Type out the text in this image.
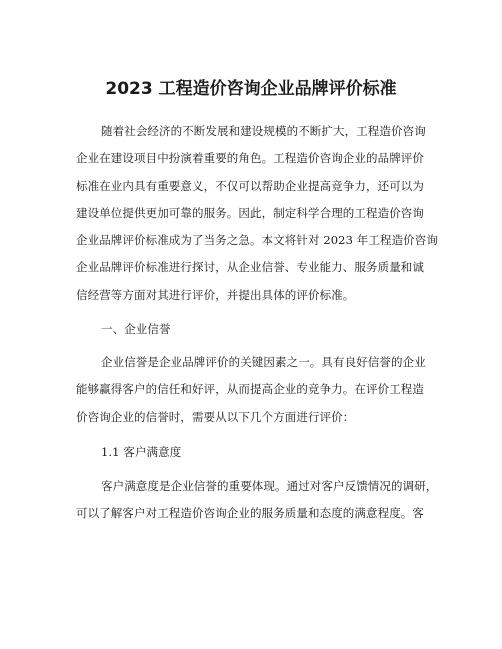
2023 工程造价咨询企业品牌评价标准
随着社会经济的不断发展和建设规模的不断扩大，工程造价咨询
企业在建设项目中扮演着重要的角色。工程造价咨询企业的品牌评价
标准在业内具有重要意义，不仅可以帮助企业提高竞争力，还可以为
建设单位提供更加可靠的服务。因此，制定科学合理的工程造价咨询
企业品牌评价标准成为了当务之急。本文将针对 2023 年工程造价咨询
企业品牌评价标准进行探讨，从企业信誉、专业能力、服务质量和诚
信经营等方面对其进行评价，并提出具体的评价标准。
一、企业信誉
企业信誉是企业品牌评价的关键因素之一。具有良好信誉的企业
能够赢得客户的信任和好评，从而提高企业的竞争力。在评价工程造
价咨询企业的信誉时，需要从以下几个方面进行评价：
1.1 客户满意度
客户满意度是企业信誉的重要体现。通过对客户反馈情况的调研，
可以了解客户对工程造价咨询企业的服务质量和态度的满意程度。客
